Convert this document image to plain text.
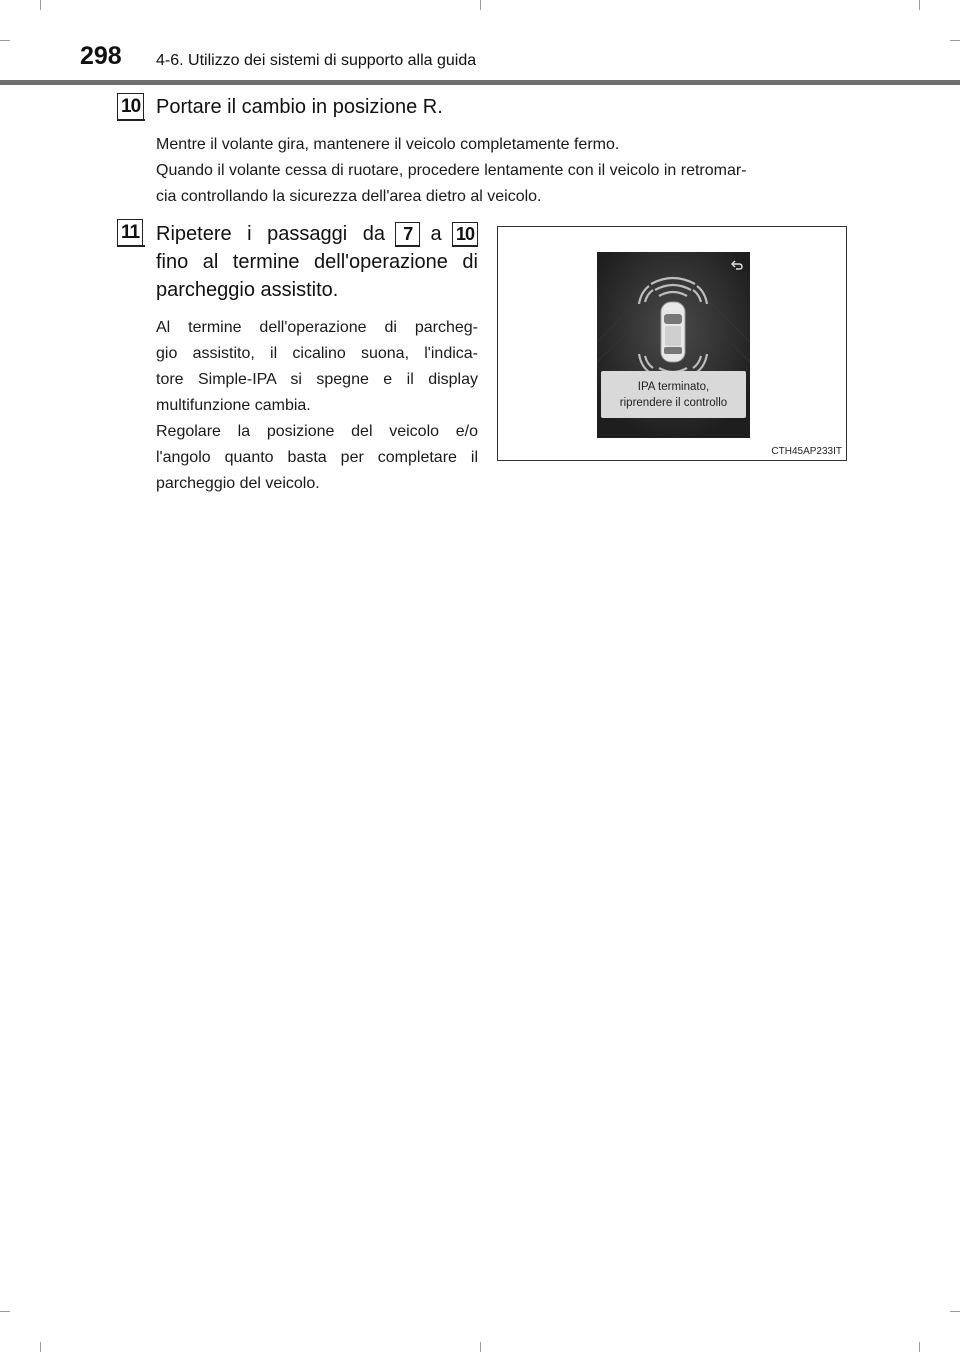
298 4-6. Utilizzo dei sistemi di supporto alla guida
10 Portare il cambio in posizione R.
Mentre il volante gira, mantenere il veicolo completamente fermo.
Quando il volante cessa di ruotare, procedere lentamente con il veicolo in retromar-
cia controllando la sicurezza dell'area dietro al veicolo.
11 Ripetere i passaggi da	7 a 10
fino al termine dell'operazione di
parcheggio assistito.
Al termine dell'operazione di parcheg-
gio assistito, il cicalino suona, l'indica-
tore Simple-IPA si spegne e il display
multifunzione cambia.
Regolare la posizione del veicolo e/o
l'angolo quanto basta per completare il
parcheggio del veicolo.
IPA terminato,
riprendere il controllo
CTH45AP233IT
